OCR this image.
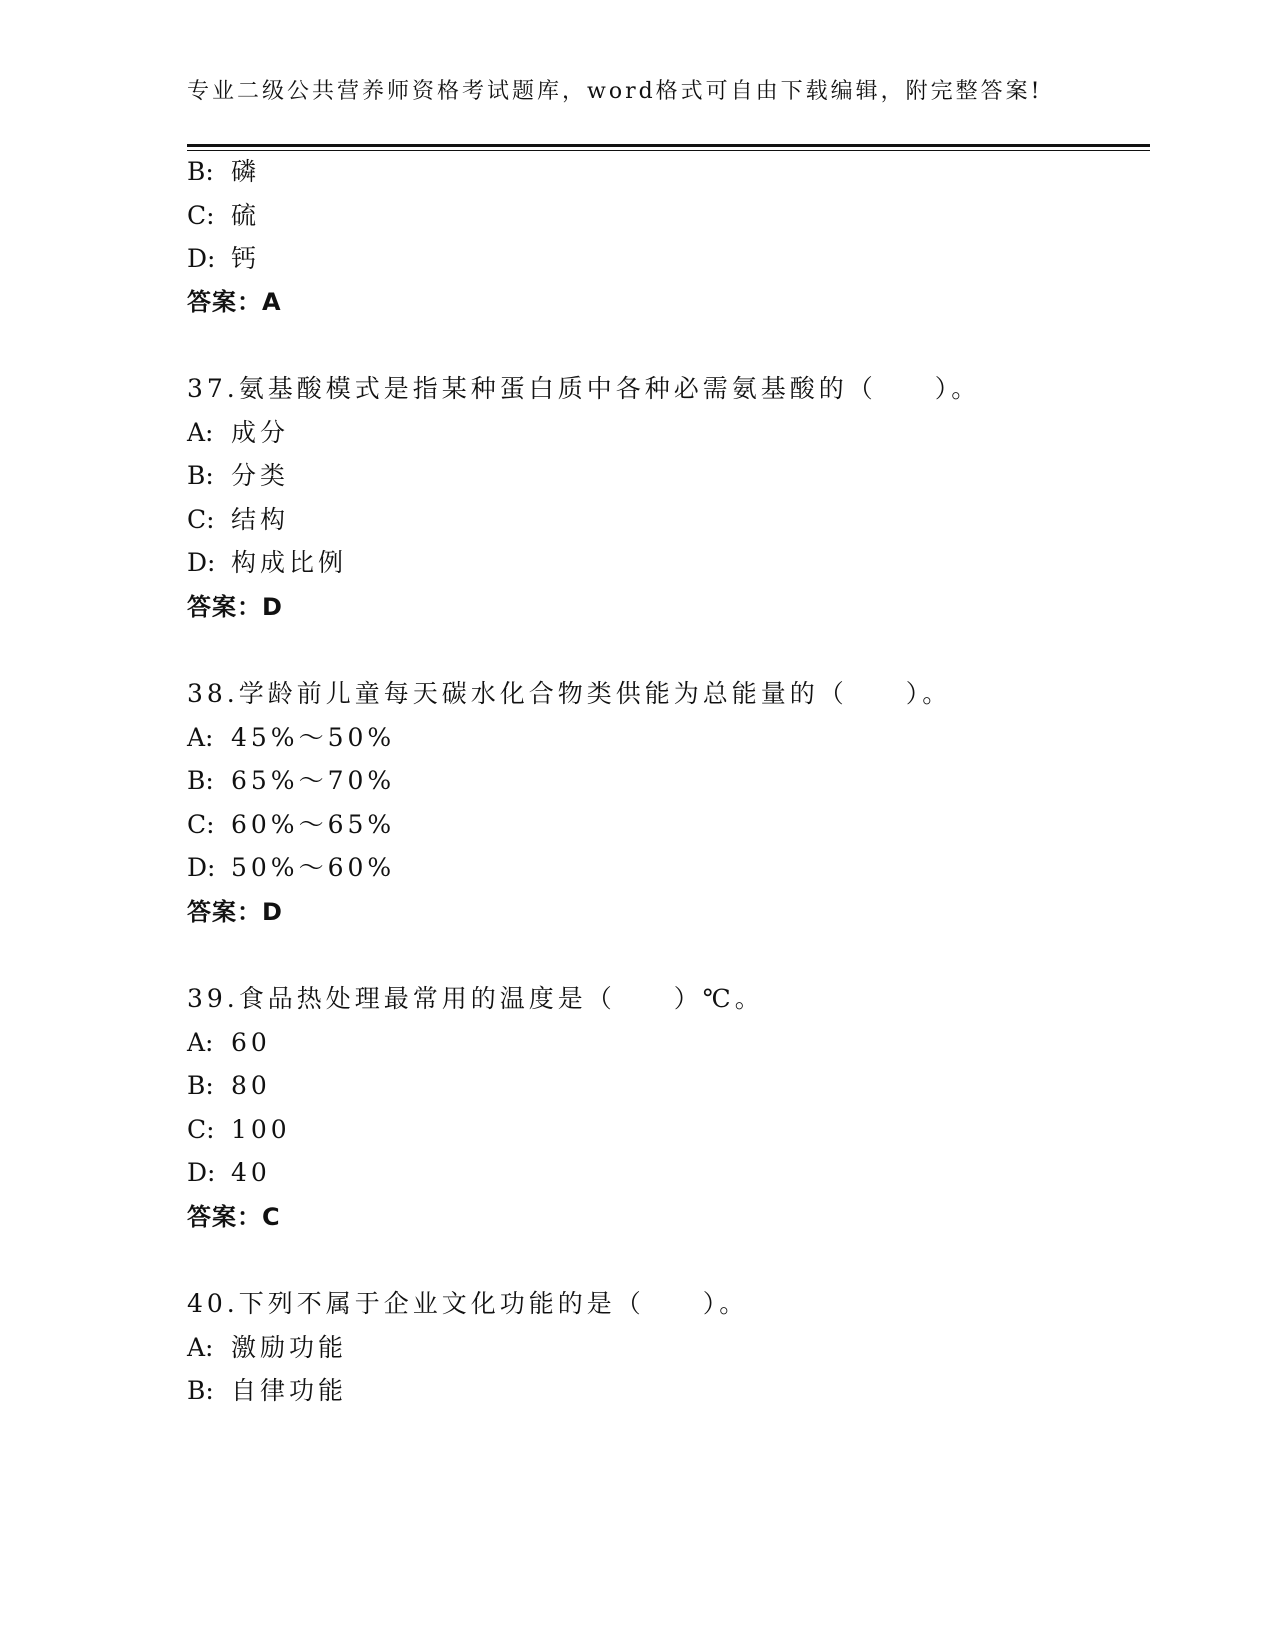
专业二级公共营养师资格考试题库，word格式可自由下载编辑，附完整答案!
B: 磷
C: 硫
D: 钙
答案：A
37.氨基酸模式是指某种蛋白质中各种必需氨基酸的（　　）。
A: 成分
B: 分类
C: 结构
D: 构成比例
答案：D
38.学龄前儿童每天碳水化合物类供能为总能量的（　　）。
A: 45%～50%
B: 65%～70%
C: 60%～65%
D: 50%～60%
答案：D
39.食品热处理最常用的温度是（　　）℃。
A: 60
B: 80
C: 100
D: 40
答案：C
40.下列不属于企业文化功能的是（　　）。
A: 激励功能
B: 自律功能
